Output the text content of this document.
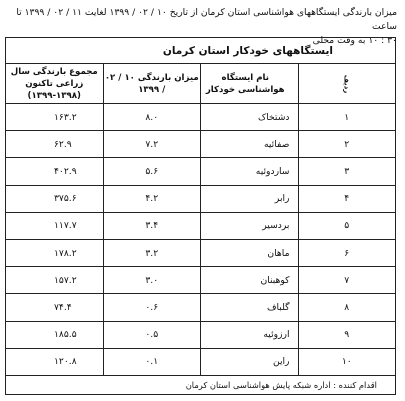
میزان بارندگی ایستگاههای هواشناسی استان کرمان از تاریخ ۱۰ / ۰۲ / ۱۳۹۹ لغایت ۱۱ / ۰۲ / ۱۳۹۹ تا ساعت
۳۰ : ۱۰ به وقت محلی
ایستگاههای خودکار استان کرمان			
ردیف	نام ایستگاه هواشناسی خودکار	میزان بارندگی ۱۰ / ۰۲ / ۱۳۹۹	مجموع بارندگی سال زراعی تاکنون
(۱۳۹۹-۱۳۹۸)

۱	دشتخاک	۸.۰	۱۶۳.۲
۲	صفائیه	۷.۲	۶۲.۹
۳	ساردوئیه	۵.۶	۴۰۲.۹
۴	رابر	۴.۲	۳۷۵.۶
۵	بردسیر	۳.۴	۱۱۷.۷
۶	ماهان	۳.۲	۱۷۸.۲
۷	کوهبنان	۳.۰	۱۵۷.۲
۸	گلباف	۰.۶	۷۴.۴
۹	ارزوئیه	۰.۵	۱۸۵.۵
۱۰	راین	۰.۱	۱۲۰.۸
اقدام کننده : اداره شبکه پایش هواشناسی استان کرمان			
